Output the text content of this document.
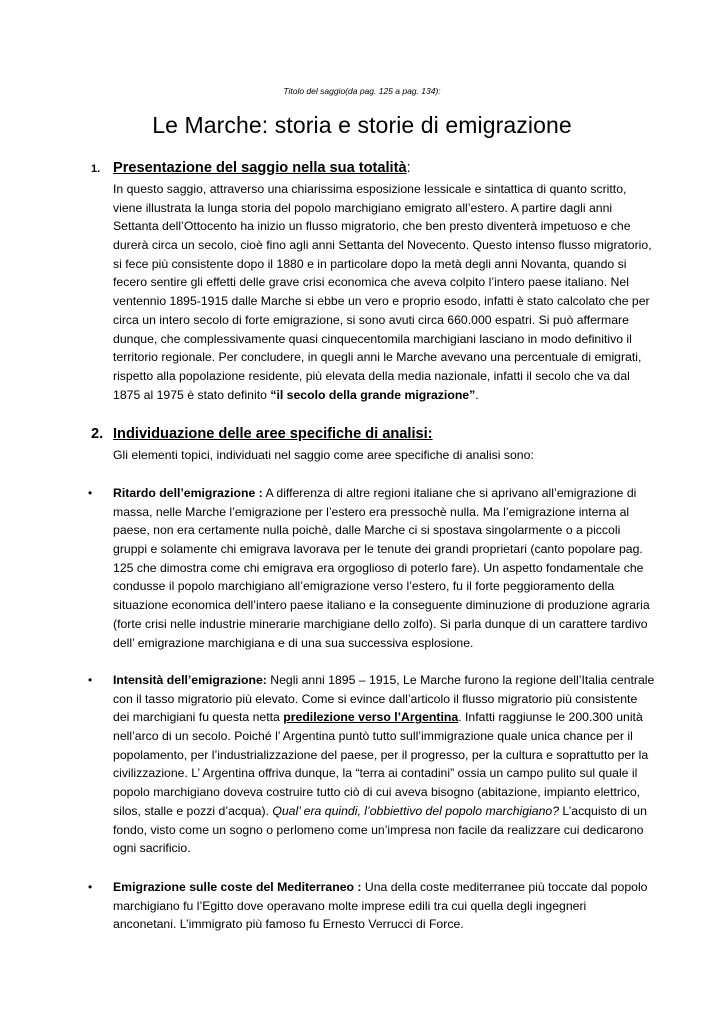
Titolo del saggio(da pag. 125 a pag. 134):
Le Marche: storia e storie di emigrazione
1. Presentazione del saggio nella sua totalità:
In questo saggio, attraverso una chiarissima esposizione lessicale e sintattica di quanto scritto,
viene illustrata la lunga storia del popolo marchigiano emigrato all’estero. A partire dagli anni
Settanta dell’Ottocento ha inizio un flusso migratorio, che ben presto diventerà impetuoso e che
durerà circa un secolo, cioè fino agli anni Settanta del Novecento. Questo intenso flusso migratorio,
si fece più consistente dopo il 1880 e in particolare dopo la metà degli anni Novanta, quando si
fecero sentire gli effetti delle grave crisi economica che aveva colpito l’intero paese italiano. Nel
ventennio 1895-1915 dalle Marche si ebbe un vero e proprio esodo, infatti è stato calcolato che per
circa un intero secolo di forte emigrazione, si sono avuti circa 660.000 espatri. Si può affermare
dunque, che complessivamente quasi cinquecentomila marchigiani lasciano in modo definitivo il
territorio regionale. Per concludere, in quegli anni le Marche avevano una percentuale di emigrati,
rispetto alla popolazione residente, più elevata della media nazionale, infatti il secolo che va dal
1875 al 1975 è stato definito “il secolo della grande migrazione”.
2. Individuazione delle aree specifiche di analisi:
Gli elementi topici, individuati nel saggio come aree specifiche di analisi sono:
• Ritardo dell’emigrazione : A differenza di altre regioni italiane che si aprivano all’emigrazione di
massa, nelle Marche l’emigrazione per l’estero era pressochè nulla. Ma l’emigrazione interna al
paese, non era certamente nulla poichè, dalle Marche ci si spostava singolarmente o a piccoli
gruppi e solamente chi emigrava lavorava per le tenute dei grandi proprietari (canto popolare pag.
125 che dimostra come chi emigrava era orgoglioso di poterlo fare). Un aspetto fondamentale che
condusse il popolo marchigiano all’emigrazione verso l’estero, fu il forte peggioramento della
situazione economica dell’intero paese italiano e la conseguente diminuzione di produzione agraria
(forte crisi nelle industrie minerarie marchigiane dello zolfo). Si parla dunque di un carattere tardivo
dell’ emigrazione marchigiana e di una sua successiva esplosione.
• Intensità dell’emigrazione: Negli anni 1895 – 1915, Le Marche furono la regione dell’Italia centrale
con il tasso migratorio più elevato. Come si evince dall’articolo il flusso migratorio più consistente
dei marchigiani fu questa netta predilezione verso l’Argentina. Infatti raggiunse le 200.300 unità
nell’arco di un secolo. Poiché l’ Argentina puntò tutto sull’immigrazione quale unica chance per il
popolamento, per l’industrializzazione del paese, per il progresso, per la cultura e soprattutto per la
civilizzazione. L’ Argentina offriva dunque, la “terra ai contadini” ossia un campo pulito sul quale il
popolo marchigiano doveva costruire tutto ciò di cui aveva bisogno (abitazione, impianto elettrico,
silos, stalle e pozzi d’acqua). Qual’ era quindi, l’obbiettivo del popolo marchigiano? L’acquisto di un
fondo, visto come un sogno o perlomeno come un’impresa non facile da realizzare cui dedicarono
ogni sacrificio.
• Emigrazione sulle coste del Mediterraneo : Una della coste mediterranee più toccate dal popolo
marchigiano fu l’Egitto dove operavano molte imprese edili tra cui quella degli ingegneri
anconetani. L’immigrato più famoso fu Ernesto Verrucci di Force.
